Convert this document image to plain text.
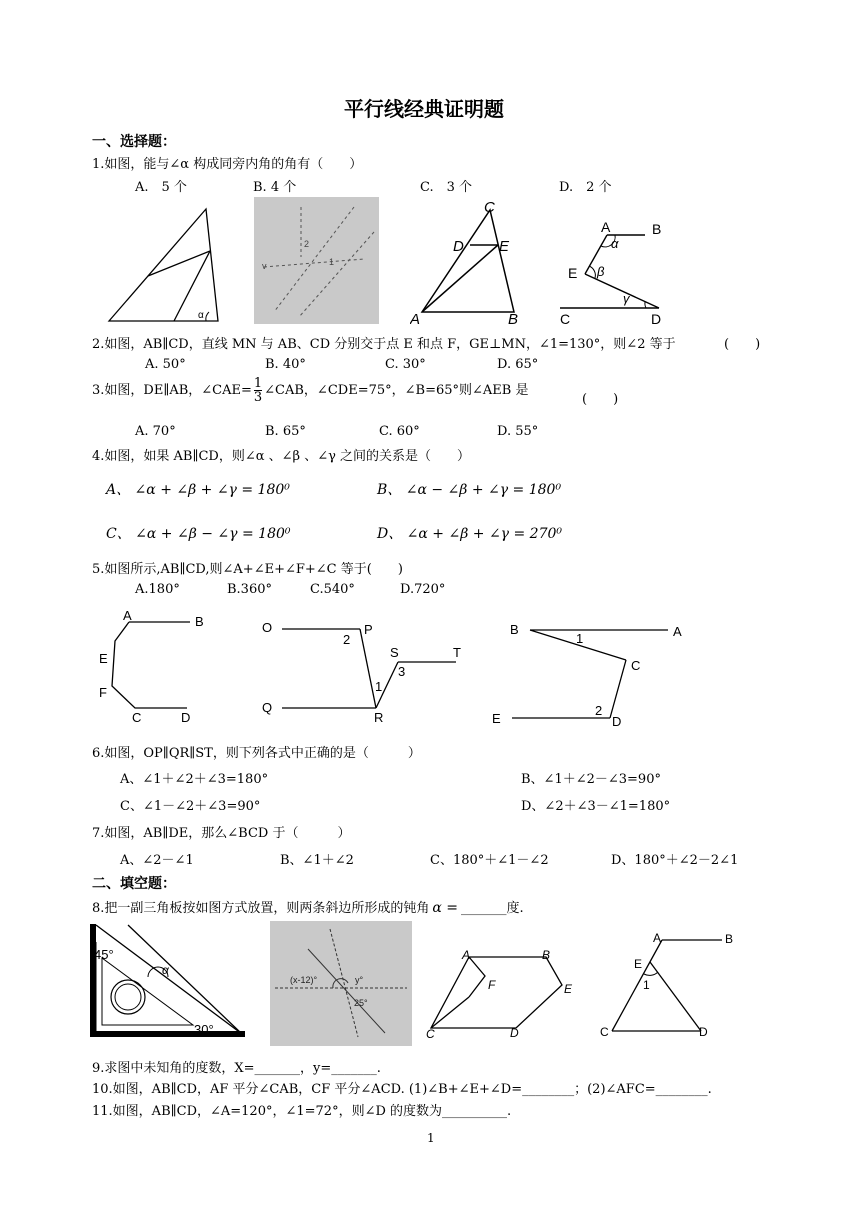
平行线经典证明题
一、选择题：
1.如图，能与∠α 构成同旁内角的角有（　　）
A.　5 个	B. 4 个	C.　3 个	D.　2 个
α
2
1
v
C
D E
A	B
A	B
E
C	D
α
β
γ
2.如图，AB∥CD，直线 MN 与 AB、CD 分别交于点 E 和点 F，GE⊥MN，∠1=130°，则∠2 等于	(　　)
A. 50°	B. 40°	C. 30°	D. 65°
3.如图，DE∥AB，∠CAE= $\frac{1}{3}$ ∠CAB，∠CDE=75°，∠B=65°则∠AEB 是
(　　)
A. 70°	B. 65°	C. 60°	D. 55°
4.如图，如果 AB∥CD，则∠α 、∠β 、∠γ 之间的关系是（　　）
A、 ∠α + ∠β + ∠γ = 180⁰	B、 ∠α − ∠β + ∠γ = 180⁰
C、 ∠α + ∠β − ∠γ = 180⁰	D、 ∠α + ∠β + ∠γ = 270⁰
5.如图所示,AB∥CD,则∠A+∠E+∠F+∠C 等于(　　)
A.180°	B.360°	C.540°	D.720°
A	B
E
F
C	D
O	P
2
S	T
1
3
Q
R
B	A
1
C
2
E	D
6.如图，OP∥QR∥ST，则下列各式中正确的是（　　　）
A、∠1＋∠2＋∠3=180°	B、∠1＋∠2－∠3=90°
C、∠1－∠2＋∠3=90°	D、∠2＋∠3－∠1=180°
7.如图，AB∥DE，那么∠BCD 于（　　　）
A、∠2－∠1	B、∠1＋∠2	C、180°＋∠1－∠2	D、180°＋∠2－2∠1
二、填空题：
8.把一副三角板按如图方式放置，则两条斜边所形成的钝角 α = _______度.
45°
α
30°
(x-12)°	y°
25°
A	B
F	E
C	D
A	B
E
1
C	D
9.求图中未知角的度数，X=_______，y=_______.
10.如图，AB∥CD，AF 平分∠CAB，CF 平分∠ACD. (1)∠B+∠E+∠D=________；(2)∠AFC=________.
11.如图，AB∥CD，∠A=120°，∠1=72°，则∠D 的度数为__________.
1
